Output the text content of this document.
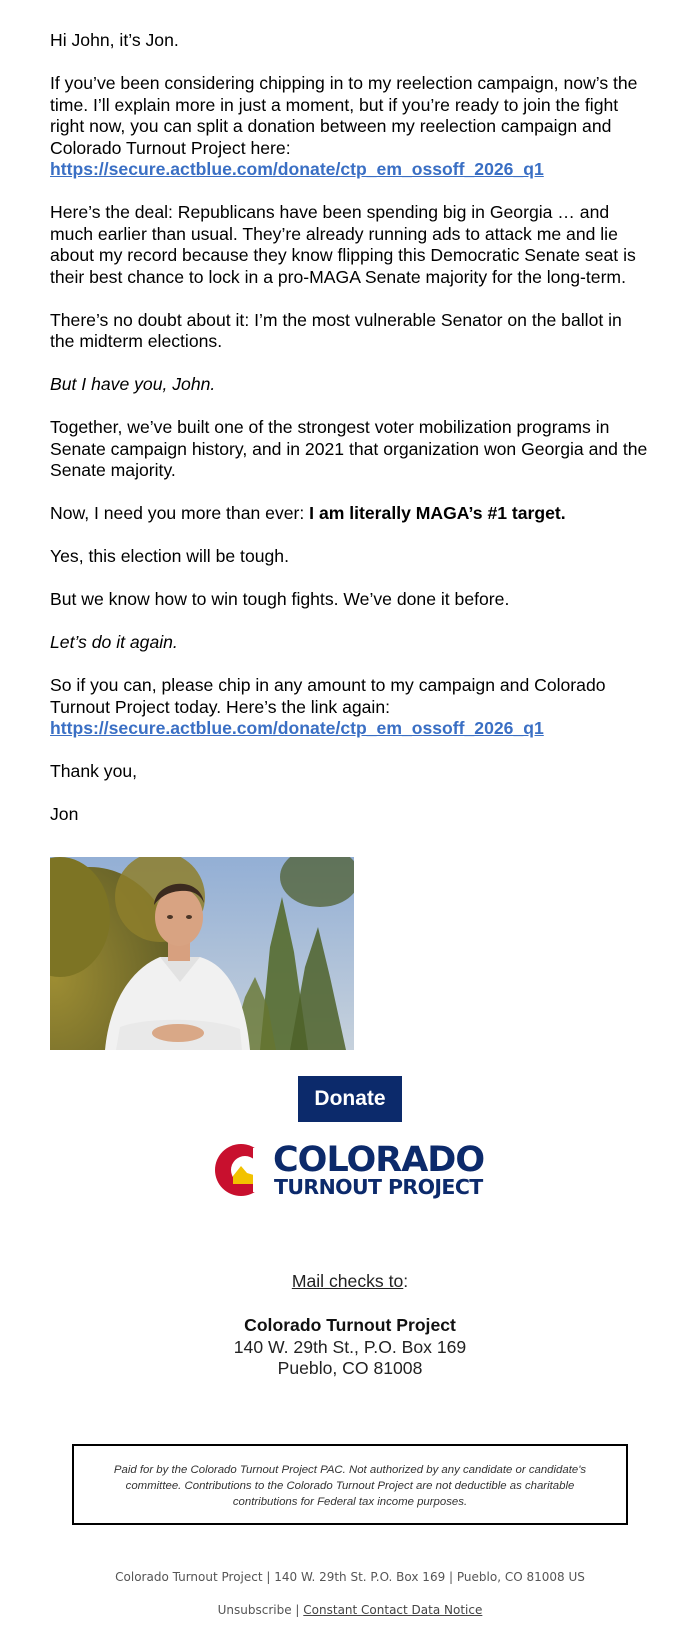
Hi John, it’s Jon.

If you’ve been considering chipping in to my reelection campaign, now’s the time. I’ll explain more in just a moment, but if you’re ready to join the fight right now, you can split a donation between my reelection campaign and Colorado Turnout Project here: https://secure.actblue.com/donate/ctp_em_ossoff_2026_q1

Here’s the deal: Republicans have been spending big in Georgia … and much earlier than usual. They’re already running ads to attack me and lie about my record because they know flipping this Democratic Senate seat is their best chance to lock in a pro-MAGA Senate majority for the long-term.

There’s no doubt about it: I’m the most vulnerable Senator on the ballot in the midterm elections.

But I have you, John.

Together, we’ve built one of the strongest voter mobilization programs in Senate campaign history, and in 2021 that organization won Georgia and the Senate majority.

Now, I need you more than ever: I am literally MAGA’s #1 target.

Yes, this election will be tough.

But we know how to win tough fights. We’ve done it before.

Let’s do it again.

So if you can, please chip in any amount to my campaign and Colorado Turnout Project today. Here’s the link again: https://secure.actblue.com/donate/ctp_em_ossoff_2026_q1

Thank you,

Jon

Donate
COLORADO
TURNOUT PROJECT
Mail checks to:
Colorado Turnout Project
140 W. 29th St., P.O. Box 169
Pueblo, CO 81008
Paid for by the Colorado Turnout Project PAC. Not authorized by any candidate or candidate's committee. Contributions to the Colorado Turnout Project are not deductible as charitable contributions for Federal tax income purposes.
Colorado Turnout Project | 140 W. 29th St. P.O. Box 169 | Pueblo, CO 81008 US
Unsubscribe | Constant Contact Data Notice
